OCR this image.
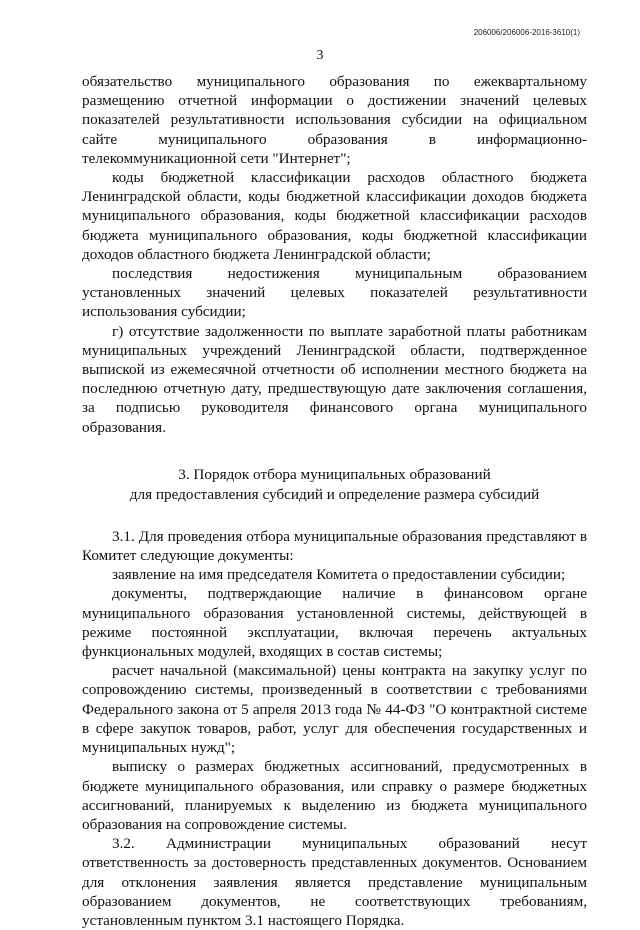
206006/206006-2016-3610(1)
3

обязательство муниципального образования по ежеквартальному размещению отчетной информации о достижении значений целевых показателей результативности использования субсидии на официальном сайте муниципального образования в информационно-телекоммуникационной сети "Интернет";

коды бюджетной классификации расходов областного бюджета Ленинградской области, коды бюджетной классификации доходов бюджета муниципального образования, коды бюджетной классификации расходов бюджета муниципального образования, коды бюджетной классификации доходов областного бюджета Ленинградской области;

последствия недостижения муниципальным образованием установленных значений целевых показателей результативности использования субсидии;

г) отсутствие задолженности по выплате заработной платы работникам муниципальных учреждений Ленинградской области, подтвержденное выпиской из ежемесячной отчетности об исполнении местного бюджета на последнюю отчетную дату, предшествующую дате заключения соглашения, за подписью руководителя финансового органа муниципального образования.

3. Порядок отбора муниципальных образований
для предоставления субсидий и определение размера субсидий

3.1. Для проведения отбора муниципальные образования представляют в Комитет следующие документы:

заявление на имя председателя Комитета о предоставлении субсидии;

документы, подтверждающие наличие в финансовом органе муниципального образования установленной системы, действующей в режиме постоянной эксплуатации, включая перечень актуальных функциональных модулей, входящих в состав системы;

расчет начальной (максимальной) цены контракта на закупку услуг по сопровождению системы, произведенный в соответствии с требованиями Федерального закона от 5 апреля 2013 года № 44-ФЗ "О контрактной системе в сфере закупок товаров, работ, услуг для обеспечения государственных и муниципальных нужд";

выписку о размерах бюджетных ассигнований, предусмотренных в бюджете муниципального образования, или справку о размере бюджетных ассигнований, планируемых к выделению из бюджета муниципального образования на сопровождение системы.

3.2. Администрации муниципальных образований несут ответственность за достоверность представленных документов. Основанием для отклонения заявления является представление муниципальным образованием документов, не соответствующих требованиям, установленным пунктом 3.1 настоящего Порядка.
